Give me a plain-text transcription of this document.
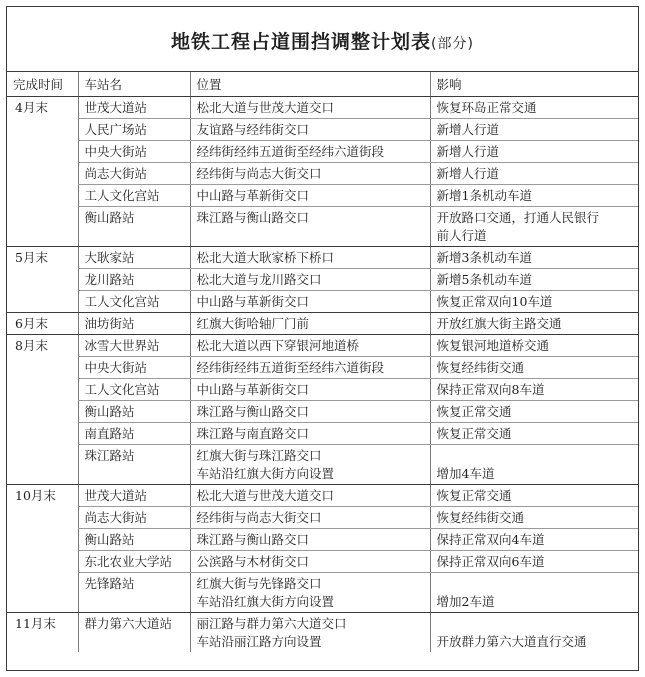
地铁工程占道围挡调整计划表(部分)
完成时间	车站名	位置	影响
4月末	世茂大道站	松北大道与世茂大道交口	恢复环岛正常交通

	人民广场站	友谊路与经纬街交口	新增人行道

	中央大街站	经纬街经纬五道街至经纬六道街段	新增人行道

	尚志大街站	经纬街与尚志大街交口	新增人行道

	工人文化宫站	中山路与革新街交口	新增1条机动车道

	衡山路站	珠江路与衡山路交口	开放路口交通，打通人民银行
前人行道

5月末	大耿家站	松北大道大耿家桥下桥口	新增3条机动车道

	龙川路站	松北大道与龙川路交口	新增5条机动车道

	工人文化宫站	中山路与革新街交口	恢复正常双向10车道

6月末	油坊街站	红旗大街哈轴厂门前	开放红旗大街主路交通

8月末	冰雪大世界站	松北大道以西下穿银河地道桥	恢复银河地道桥交通

	中央大街站	经纬街经纬五道街至经纬六道街段	恢复经纬街交通

	工人文化宫站	中山路与革新街交口	保持正常双向8车道

	衡山路站	珠江路与衡山路交口	恢复正常交通

	南直路站	珠江路与南直路交口	恢复正常交通

	珠江路站	红旗大街与珠江路交口
车站沿红旗大街方向设置	增加4车道

10月末	世茂大道站	松北大道与世茂大道交口	恢复正常交通

	尚志大街站	经纬街与尚志大街交口	恢复经纬街交通

	衡山路站	珠江路与衡山路交口	保持正常双向4车道

	东北农业大学站	公滨路与木材街交口	保持正常双向6车道

	先锋路站	红旗大街与先锋路交口
车站沿红旗大街方向设置	增加2车道

11月末	群力第六大道站	丽江路与群力第六大道交口
车站沿丽江路方向设置	开放群力第六大道直行交通
